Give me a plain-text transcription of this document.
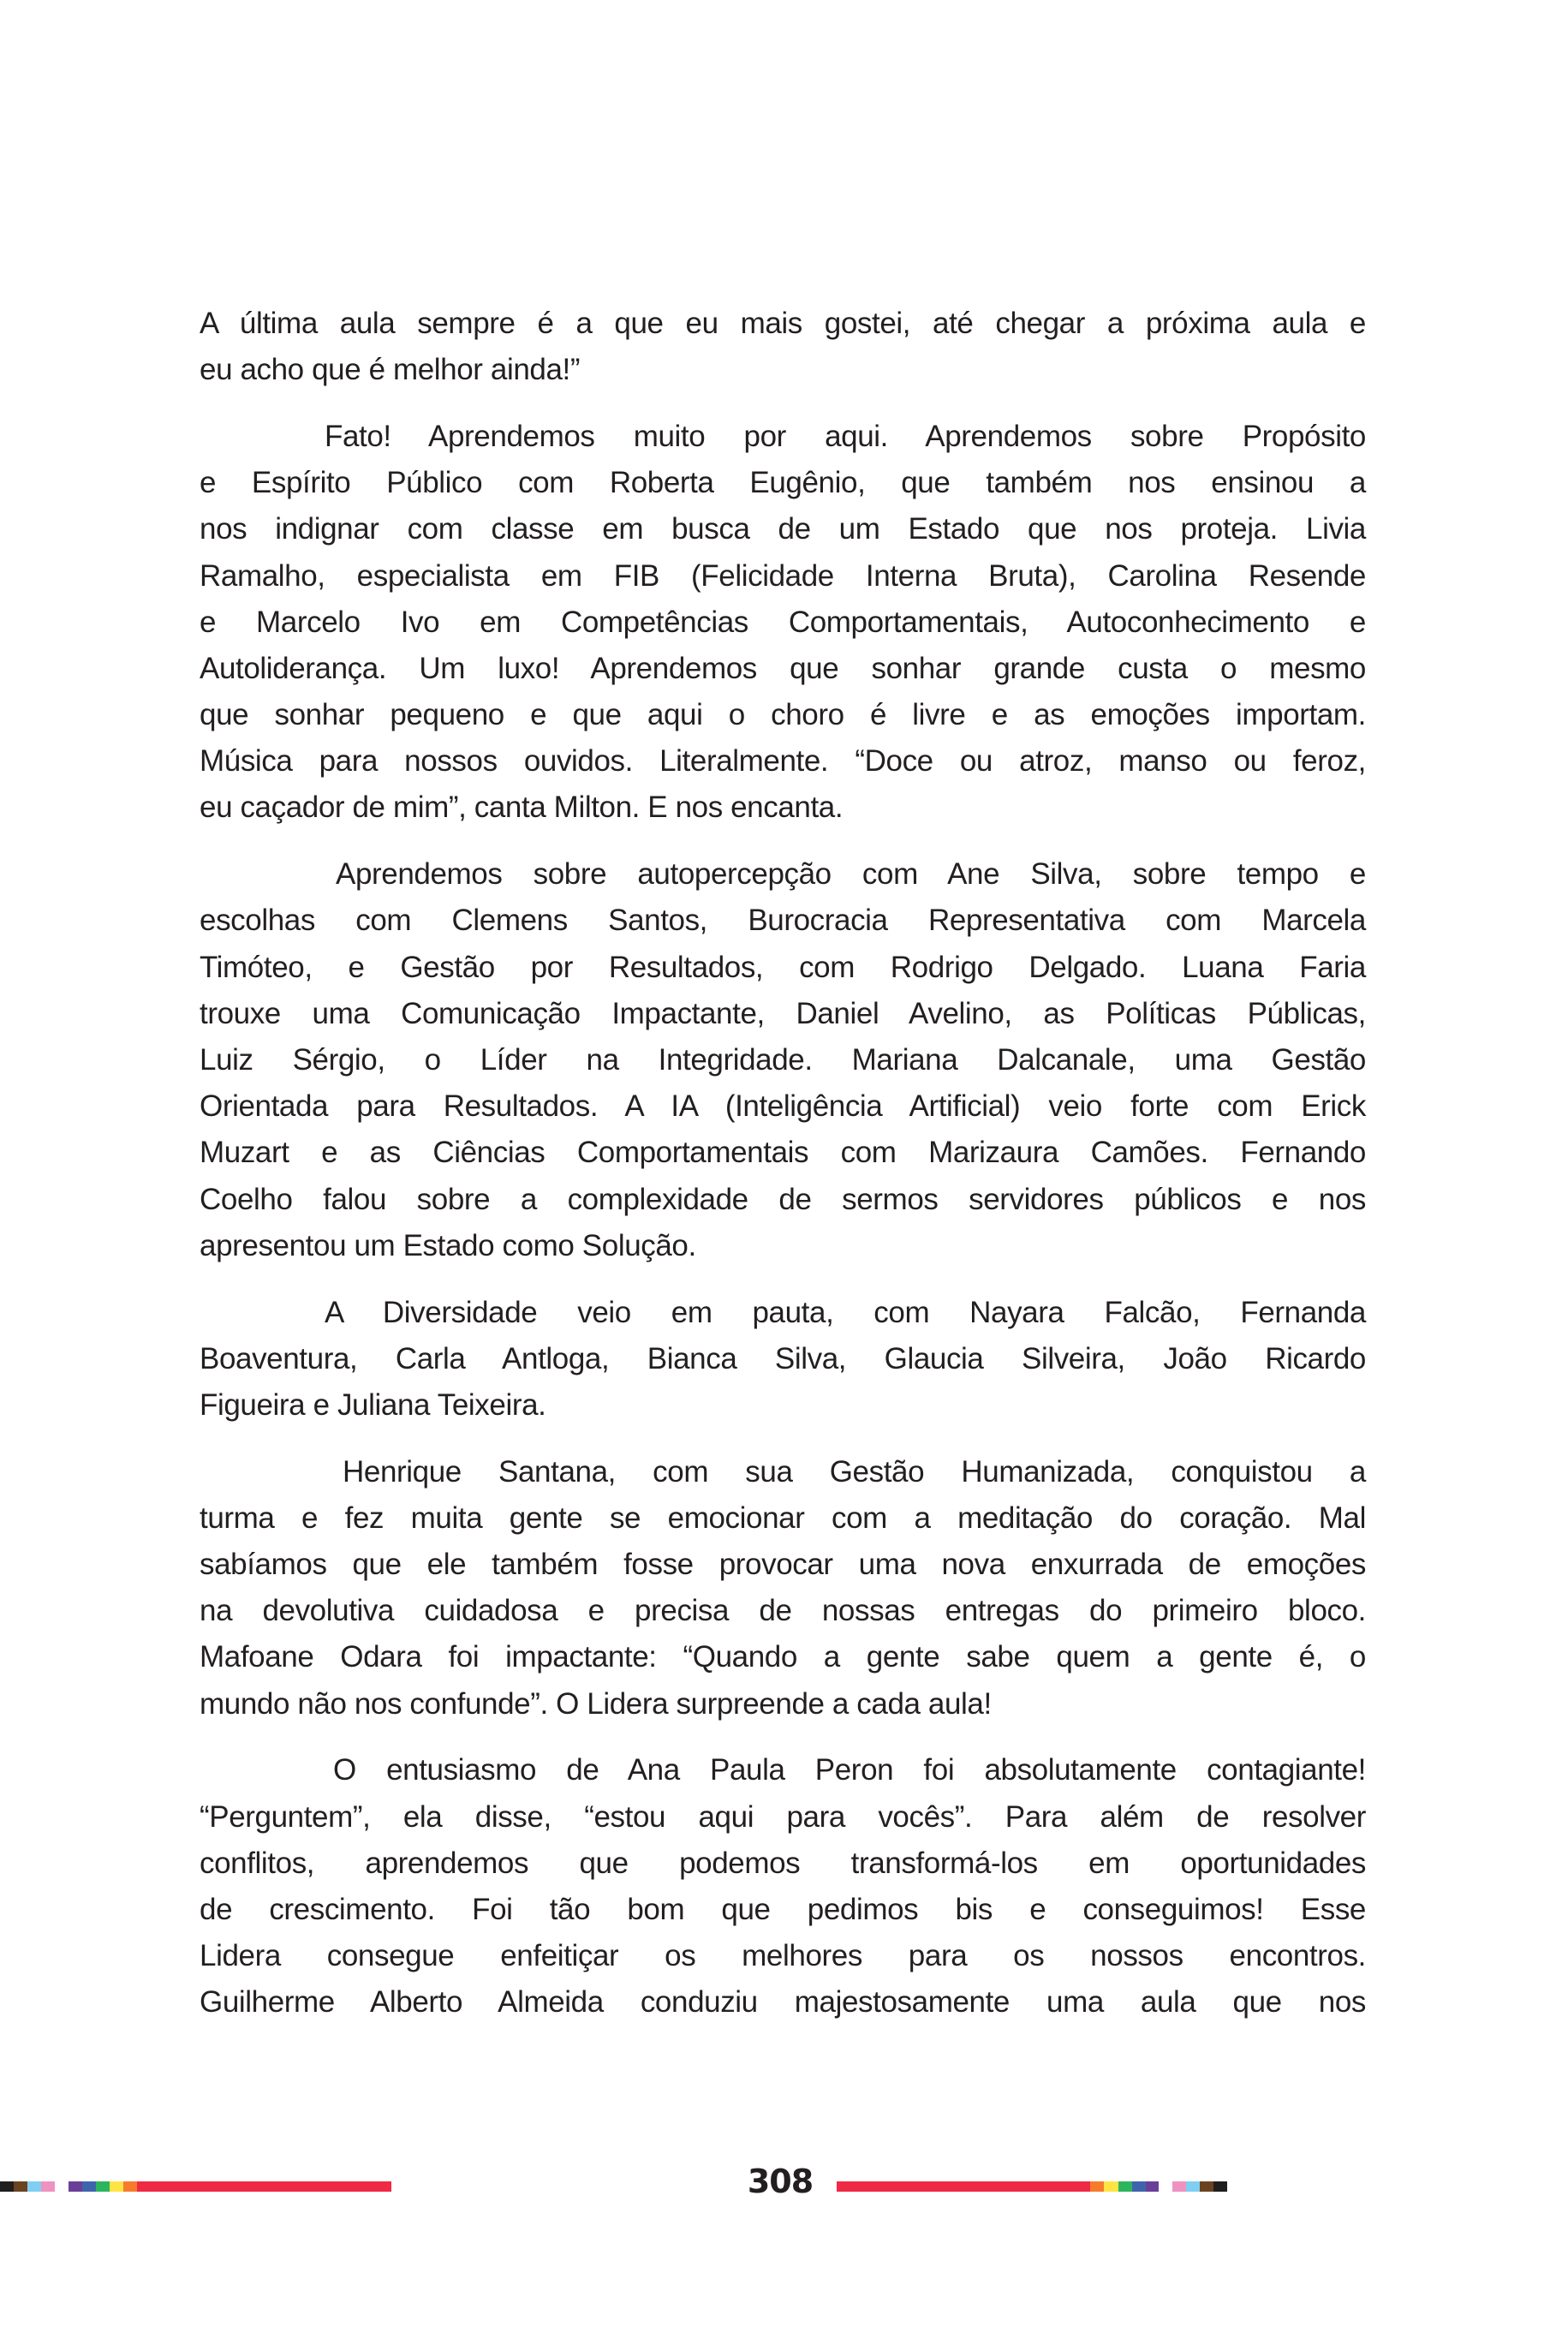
A última aula sempre é a que eu mais gostei, até chegar a próxima aula e
eu acho que é melhor ainda!”
Fato! Aprendemos muito por aqui. Aprendemos sobre Propósito
e Espírito Público com Roberta Eugênio, que também nos ensinou a
nos indignar com classe em busca de um Estado que nos proteja. Livia
Ramalho, especialista em FIB (Felicidade Interna Bruta), Carolina Resende
e Marcelo Ivo em Competências Comportamentais, Autoconhecimento e
Autoliderança. Um luxo! Aprendemos que sonhar grande custa o mesmo
que sonhar pequeno e que aqui o choro é livre e as emoções importam.
Música para nossos ouvidos. Literalmente. “Doce ou atroz, manso ou feroz,
eu caçador de mim”, canta Milton. E nos encanta.
Aprendemos sobre autopercepção com Ane Silva, sobre tempo e
escolhas com Clemens Santos, Burocracia Representativa com Marcela
Timóteo, e Gestão por Resultados, com Rodrigo Delgado. Luana Faria
trouxe uma Comunicação Impactante, Daniel Avelino, as Políticas Públicas,
Luiz Sérgio, o Líder na Integridade. Mariana Dalcanale, uma Gestão
Orientada para Resultados. A IA (Inteligência Artificial) veio forte com Erick
Muzart e as Ciências Comportamentais com Marizaura Camões. Fernando
Coelho falou sobre a complexidade de sermos servidores públicos e nos
apresentou um Estado como Solução.
A Diversidade veio em pauta, com Nayara Falcão, Fernanda
Boaventura, Carla Antloga, Bianca Silva, Glaucia Silveira, João Ricardo
Figueira e Juliana Teixeira.
Henrique Santana, com sua Gestão Humanizada, conquistou a
turma e fez muita gente se emocionar com a meditação do coração. Mal
sabíamos que ele também fosse provocar uma nova enxurrada de emoções
na devolutiva cuidadosa e precisa de nossas entregas do primeiro bloco.
Mafoane Odara foi impactante: “Quando a gente sabe quem a gente é, o
mundo não nos confunde”. O Lidera surpreende a cada aula!
O entusiasmo de Ana Paula Peron foi absolutamente contagiante!
“Perguntem”, ela disse, “estou aqui para vocês”. Para além de resolver
conflitos, aprendemos que podemos transformá-los em oportunidades
de crescimento. Foi tão bom que pedimos bis e conseguimos! Esse
Lidera consegue enfeitiçar os melhores para os nossos encontros.
Guilherme Alberto Almeida conduziu majestosamente uma aula que nos
308
